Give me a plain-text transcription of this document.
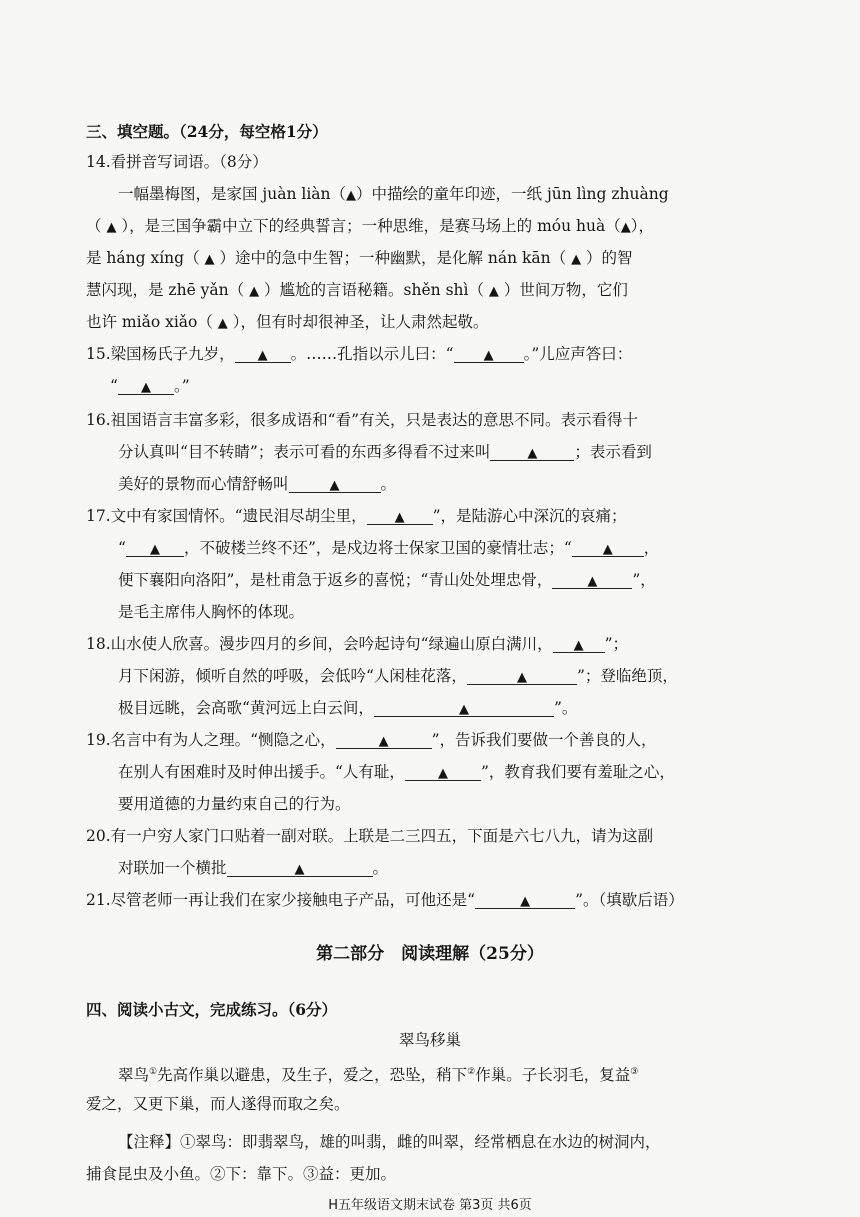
三、填空题。（24分，每空格1分）
14.看拼音写词语。（8分）
一幅墨梅图，是家国 juàn liàn（▲）中描绘的童年印迹，一纸 jūn lìng zhuàng
（ ▲ ），是三国争霸中立下的经典誓言；一种思维，是赛马场上的 móu huà（▲），
是 háng xíng（ ▲ ）途中的急中生智；一种幽默，是化解 nán kān（ ▲ ）的智
慧闪现，是 zhē yǎn（ ▲ ）尴尬的言语秘籍。shěn shì（ ▲ ）世间万物，它们
也许 miǎo xiǎo（ ▲ ），但有时却很神圣，让人肃然起敬。
15.梁国杨氏子九岁， ▲ 。……孔指以示儿曰：“ ▲ 。”儿应声答曰：
“ ▲ 。”
16.祖国语言丰富多彩，很多成语和“看”有关，只是表达的意思不同。表示看得十
分认真叫“目不转睛”；表示可看的东西多得看不过来叫	▲ ；表示看到
美好的景物而心情舒畅叫	▲	。
17.文中有家国情怀。“遗民泪尽胡尘里， ▲ ”，是陆游心中深沉的哀痛；
“ ▲ ，不破楼兰终不还”，是戍边将士保家卫国的豪情壮志；“ ▲ ，
便下襄阳向洛阳”，是杜甫急于返乡的喜悦；“青山处处埋忠骨，	▲ ”，
是毛主席伟人胸怀的体现。
18.山水使人欣喜。漫步四月的乡间，会吟起诗句“绿遍山原白满川， ▲ ”；
月下闲游，倾听自然的呼吸，会低吟“人闲桂花落，	▲	”；登临绝顶，
极目远眺，会高歌“黄河远上白云间，	▲	”。
19.名言中有为人之理。“恻隐之心，	▲	”，告诉我们要做一个善良的人，
在别人有困难时及时伸出援手。“人有耻，	▲ ”，教育我们要有羞耻之心，
要用道德的力量约束自己的行为。
20.有一户穷人家门口贴着一副对联。上联是二三四五，下面是六七八九，请为这副
对联加一个横批	▲	。
21.尽管老师一再让我们在家少接触电子产品，可他还是“	▲	”。（填歇后语）
第二部分　阅读理解（25分）
四、阅读小古文，完成练习。（6分）
翠鸟移巢
翠鸟①先高作巢以避患，及生子，爱之，恐坠，稍下②作巢。子长羽毛，复益③
爱之，又更下巢，而人遂得而取之矣。
【注释】①翠鸟：即翡翠鸟，雄的叫翡，雌的叫翠，经常栖息在水边的树洞内，
捕食昆虫及小鱼。②下：靠下。③益：更加。
H五年级语文期末试卷 第3页 共6页
